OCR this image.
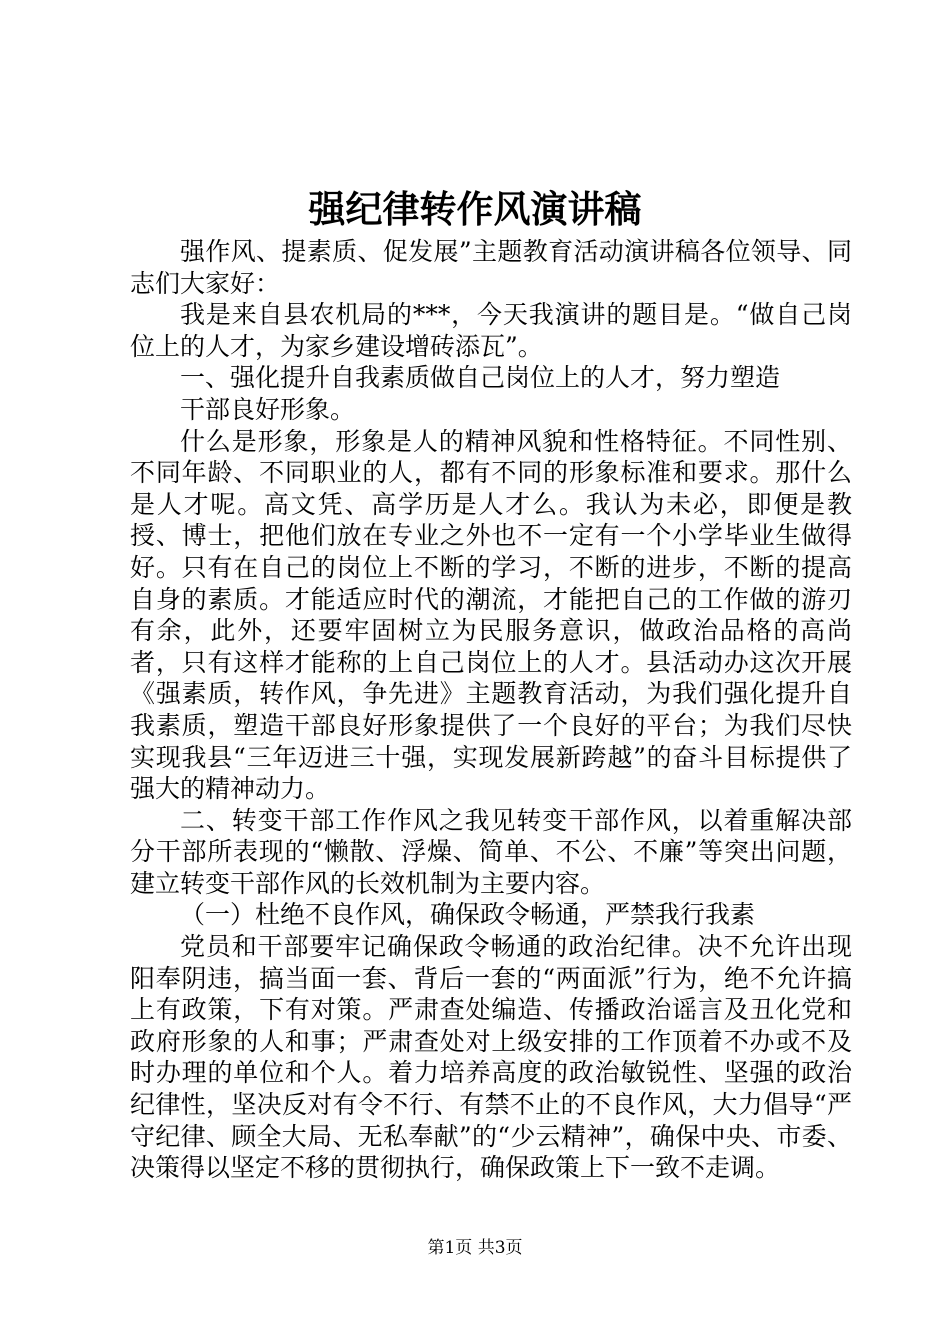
强纪律转作风演讲稿

强作风、提素质、促发展”主题教育活动演讲稿各位领导、同志们大家好：

我是来自县农机局的***，今天我演讲的题目是。“做自己岗位上的人才，为家乡建设增砖添瓦”。

一、强化提升自我素质做自己岗位上的人才，努力塑造

干部良好形象。

什么是形象，形象是人的精神风貌和性格特征。不同性别、不同年龄、不同职业的人，都有不同的形象标准和要求。那什么是人才呢。高文凭、高学历是人才么。我认为未必，即便是教授、博士，把他们放在专业之外也不一定有一个小学毕业生做得好。只有在自己的岗位上不断的学习，不断的进步，不断的提高自身的素质。才能适应时代的潮流，才能把自己的工作做的游刃有余，此外，还要牢固树立为民服务意识，做政治品格的高尚者，只有这样才能称的上自己岗位上的人才。县活动办这次开展《强素质，转作风，争先进》主题教育活动，为我们强化提升自我素质，塑造干部良好形象提供了一个良好的平台；为我们尽快实现我县“三年迈进三十强，实现发展新跨越”的奋斗目标提供了强大的精神动力。

二、转变干部工作作风之我见转变干部作风，以着重解决部分干部所表现的“懒散、浮燥、简单、不公、不廉”等突出问题，建立转变干部作风的长效机制为主要内容。

（一）杜绝不良作风，确保政令畅通，严禁我行我素

党员和干部要牢记确保政令畅通的政治纪律。决不允许出现阳奉阴违，搞当面一套、背后一套的“两面派”行为，绝不允许搞上有政策，下有对策。严肃查处编造、传播政治谣言及丑化党和政府形象的人和事；严肃查处对上级安排的工作顶着不办或不及时办理的单位和个人。着力培养高度的政治敏锐性、坚强的政治纪律性，坚决反对有令不行、有禁不止的不良作风，大力倡导“严守纪律、顾全大局、无私奉献”的“少云精神”，确保中央、市委、决策得以坚定不移的贯彻执行，确保政策上下一致不走调。

第1页 共3页
